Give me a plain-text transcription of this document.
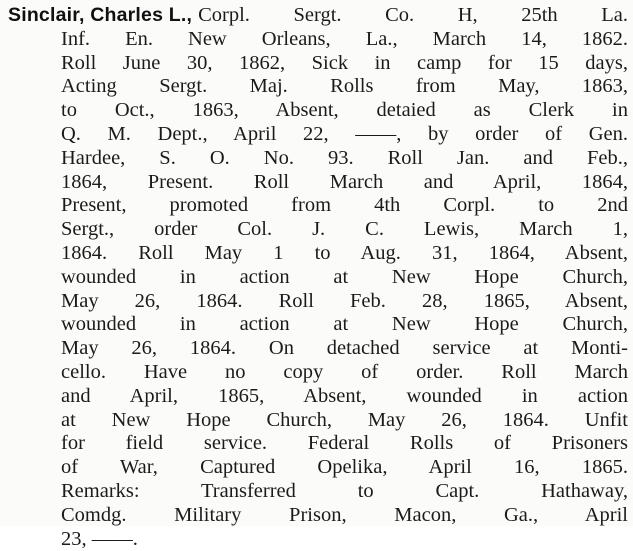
Sinclair, Charles L., Corpl. Sergt. Co. H, 25th La.
Inf. En. New Orleans, La., March 14, 1862.
Roll June 30, 1862, Sick in camp for 15 days,
Acting Sergt. Maj. Rolls from May, 1863,
to Oct., 1863, Absent, detaied as Clerk in
Q. M. Dept., April 22, ——, by order of Gen.
Hardee, S. O. No. 93. Roll Jan. and Feb.,
1864, Present. Roll March and April, 1864,
Present, promoted from 4th Corpl. to 2nd
Sergt., order Col. J. C. Lewis, March 1,
1864. Roll May 1 to Aug. 31, 1864, Absent,
wounded in action at New Hope Church,
May 26, 1864. Roll Feb. 28, 1865, Absent,
wounded in action at New Hope Church,
May 26, 1864. On detached service at Monti-
cello. Have no copy of order. Roll March
and April, 1865, Absent, wounded in action
at New Hope Church, May 26, 1864. Unfit
for field service. Federal Rolls of Prisoners
of War, Captured Opelika, April 16, 1865.
Remarks: Transferred to Capt. Hathaway,
Comdg. Military Prison, Macon, Ga., April
23, ——.
